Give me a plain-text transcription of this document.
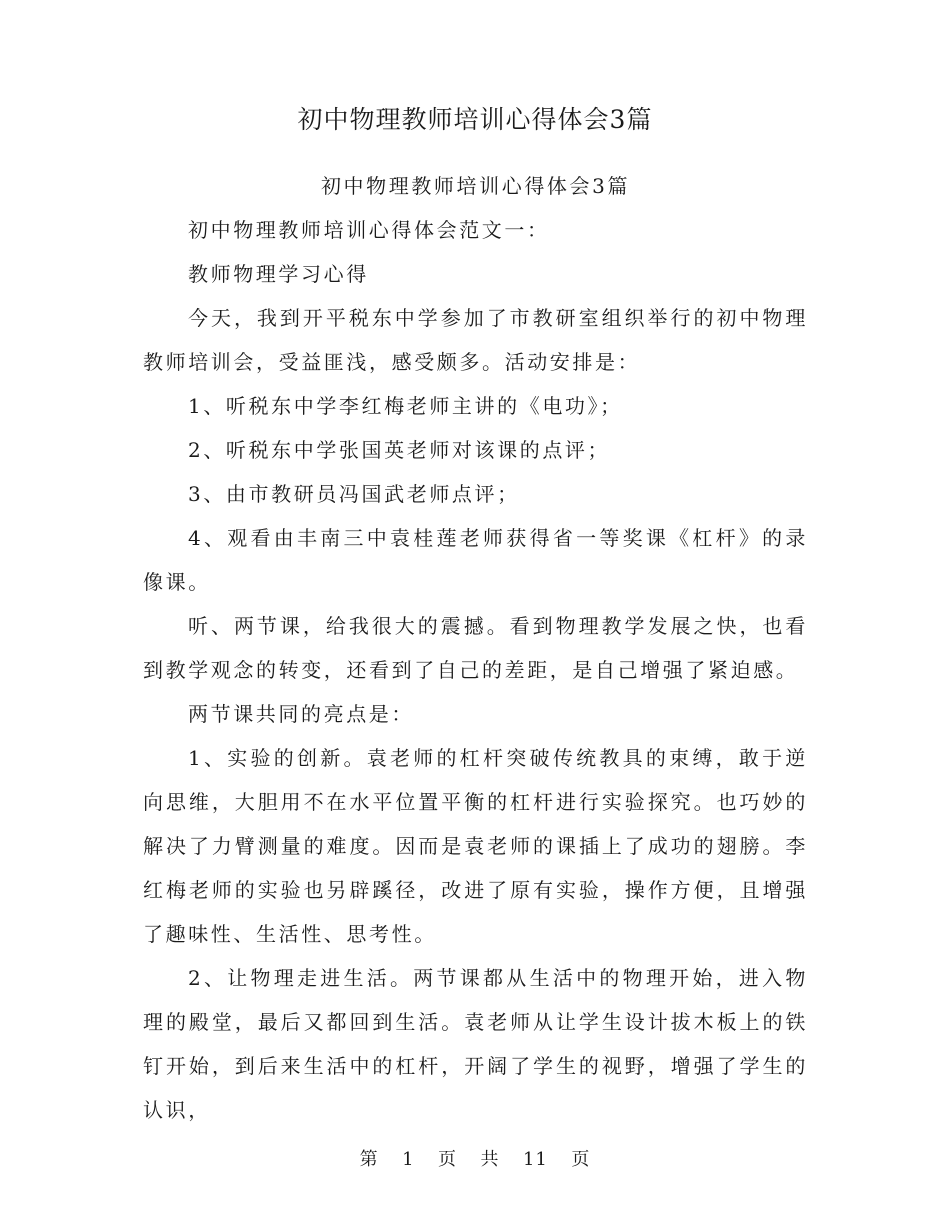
初中物理教师培训心得体会3篇

初中物理教师培训心得体会3篇

初中物理教师培训心得体会范文一：

教师物理学习心得

今天，我到开平税东中学参加了市教研室组织举行的初中物理教师培训会，受益匪浅，感受颇多。活动安排是：

1、听税东中学李红梅老师主讲的《电功》；

2、听税东中学张国英老师对该课的点评；

3、由市教研员冯国武老师点评；

4、观看由丰南三中袁桂莲老师获得省一等奖课《杠杆》的录像课。

听、两节课，给我很大的震撼。看到物理教学发展之快，也看到教学观念的转变，还看到了自己的差距，是自己增强了紧迫感。

两节课共同的亮点是：

1、实验的创新。袁老师的杠杆突破传统教具的束缚，敢于逆向思维，大胆用不在水平位置平衡的杠杆进行实验探究。也巧妙的解决了力臂测量的难度。因而是袁老师的课插上了成功的翅膀。李红梅老师的实验也另辟蹊径，改进了原有实验，操作方便，且增强了趣味性、生活性、思考性。

2、让物理走进生活。两节课都从生活中的物理开始，进入物理的殿堂，最后又都回到生活。袁老师从让学生设计拔木板上的铁钉开始，到后来生活中的杠杆，开阔了学生的视野，增强了学生的认识，

第 1 页 共 11 页
